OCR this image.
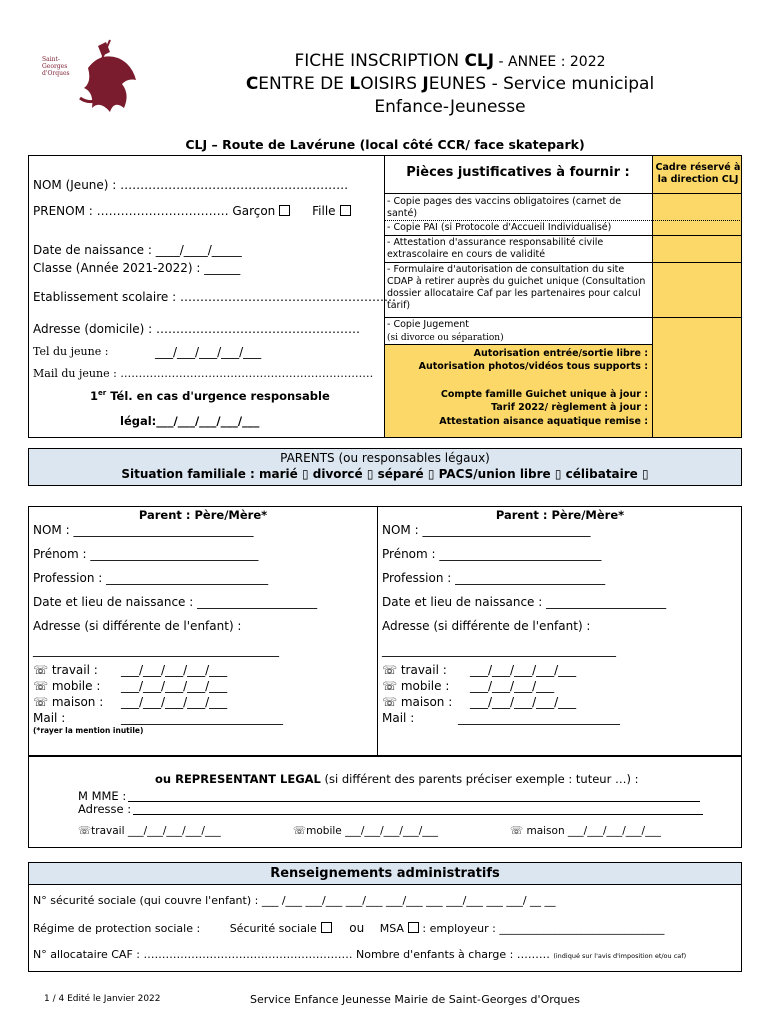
Saint-Georges d'Orques
FICHE INSCRIPTION CLJ - ANNEE : 2022
CENTRE DE LOISIRS JEUNES - Service municipal
Enfance-Jeunesse
CLJ – Route de Lavérune (local côté CCR/ face skatepark)
NOM (Jeune) : …………………………………………………
PRENOM : …………………………… Garçon	Fille
Date de naissance : ____/____/_____
Classe (Année 2021-2022) : ______
Etablissement scolaire : ………………………………………………
Adresse (domicile) : ……………………………………………
Tel du jeune :	___/___/___/___/___
Mail du jeune : ……………………………………………………………
1er Tél. en cas d'urgence responsable
légal:___/___/___/___/___
Pièces justificatives à fournir :
- Copie pages des vaccins obligatoires (carnet de santé)
- Copie PAI (si Protocole d'Accueil Individualisé)
- Attestation d'assurance responsabilité civile extrascolaire en cours de validité
- Formulaire d'autorisation de consultation du site CDAP à retirer auprès du guichet unique (Consultation dossier allocataire Caf par les partenaires pour calcul tarif)
- Copie Jugement
(si divorce ou séparation)
Cadre réservé à la direction CLJ
Autorisation entrée/sortie libre :
Autorisation photos/vidéos tous supports :
Compte famille Guichet unique à jour :
Tarif 2022/ règlement à jour :
Attestation aisance aquatique remise :
PARENTS (ou responsables légaux)
Situation familiale : marié ▯ divorcé ▯ séparé ▯ PACS/union libre ▯ célibataire ▯
Parent : Père/Mère*
NOM : ______________________________
Prénom : ____________________________
Profession : ___________________________
Date et lieu de naissance : ____________________
Adresse (si différente de l'enfant) :
_________________________________________
☏ travail : ___/___/___/___/___
☏ mobile : ___/___/___/___/___
☏ maison : ___/___/___/___/___
Mail :	___________________________
(*rayer la mention inutile)
Parent : Père/Mère*
NOM : ____________________________
Prénom : ___________________________
Profession : _________________________
Date et lieu de naissance : ____________________
Adresse (si différente de l'enfant) :
_______________________________________
☏ travail : ___/___/___/___/___
☏ mobile : ___/___/___/___
☏ maison : ___/___/___/___/___
Mail :	___________________________
ou REPRESENTANT LEGAL (si différent des parents préciser exemple : tuteur …) :
M MME :
Adresse :
☏travail ___/___/___/___/___	☏mobile ___/___/___/___/___	☏ maison ___/___/___/___/___
Renseignements administratifs
N° sécurité sociale (qui couvre l'enfant) : ___ /___ ___/___ ___/___ ___/___ ___ ___/___ ___ ___/ __ __
Régime de protection sociale :	Sécurité sociale	ou MSA : employeur : ______________________________
N° allocataire CAF : ………………………………………………… Nombre d'enfants à charge : ……… (indiqué sur l'avis d'imposition et/ou caf)
1 / 4 Edité le Janvier 2022	Service Enfance Jeunesse Mairie de Saint-Georges d'Orques
